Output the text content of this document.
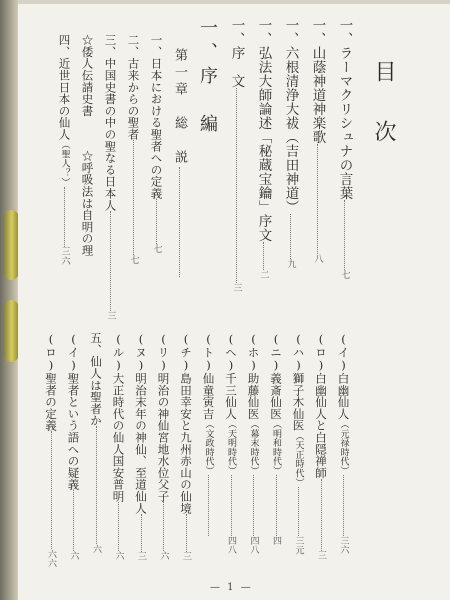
目　次
一、ラーマクリシュナの言葉七
一、山蔭神道神楽歌八
一、六根清浄大祓（吉田神道）九
一、弘法大師論述「秘蔵宝鑰」序文二
一、序　文三
一、序　編
第一章　総　説
一、日本における聖者への定義七
二、古来からの聖者七
三、中国史書の中の聖なる日本人三
☆倭人伝請史書
☆呼吸法は自明の理
四、近世日本の仙人（聖人？）三六
(イ)白幽仙人（元禄時代）三六
(ロ)白幽仙人と白隠禅師三
(ハ)獅子木仙医（天正時代）三元
(ニ)義斎仙医（明和時代）四
(ホ)助藤仙医（幕末時代）四八
(ヘ)千三仙人（天明時代）四八
(ト)仙童寅吉（文政時代）
(チ)島田幸安と九州赤山の仙境三
(リ)明治の神仙宮地水位父子六
(ヌ)明治末年の神仙、至道仙人三
(ル)大正時代の仙人国安普明六
五、仙人は聖者か六
(イ)聖者という語への疑義六
(ロ)聖者の定義六六
— 1 —
